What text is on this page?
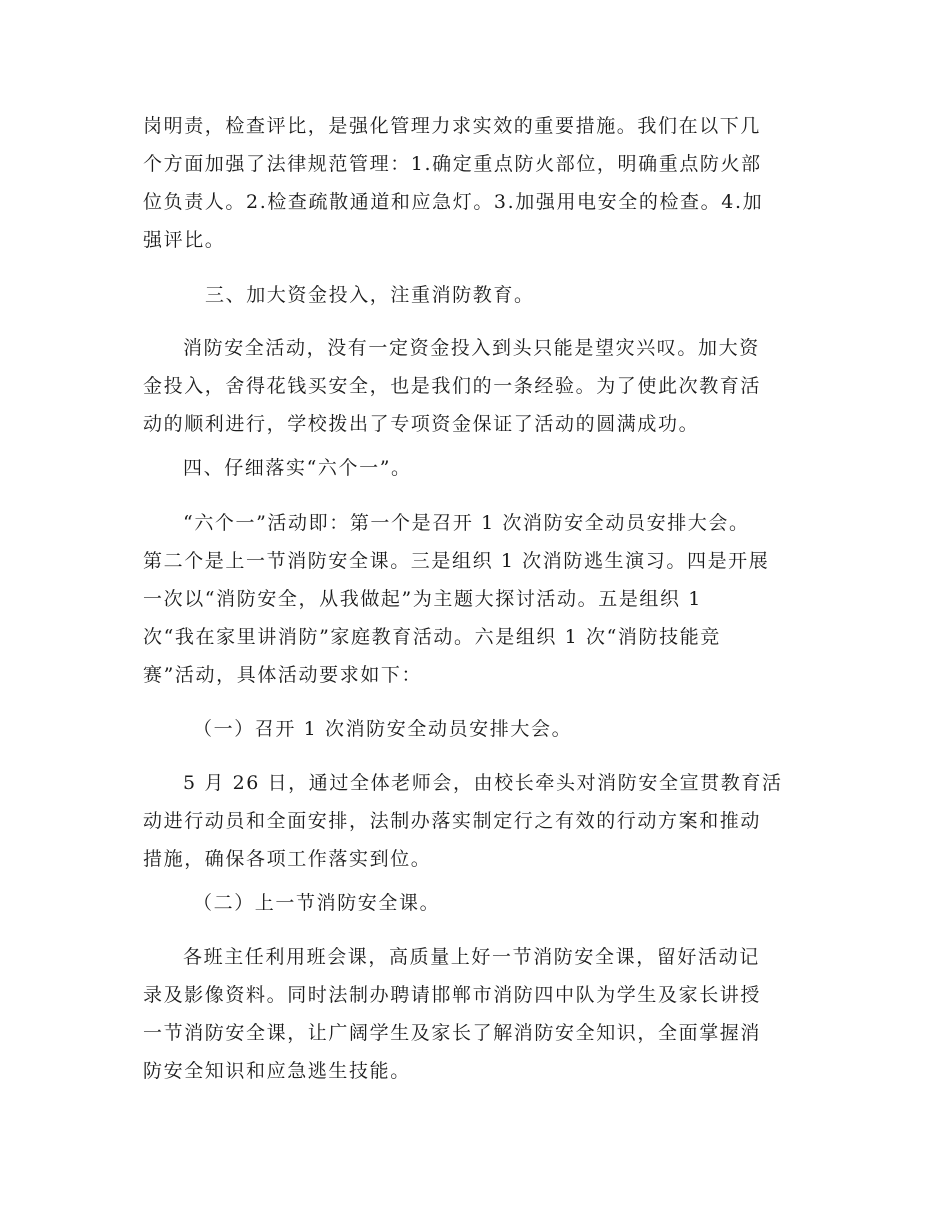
岗明责，检查评比，是强化管理力求实效的重要措施。我们在以下几
个方面加强了法律规范管理：1.确定重点防火部位，明确重点防火部
位负责人。2.检查疏散通道和应急灯。3.加强用电安全的检查。4.加
强评比。
三、加大资金投入，注重消防教育。
消防安全活动，没有一定资金投入到头只能是望灾兴叹。加大资
金投入，舍得花钱买安全，也是我们的一条经验。为了使此次教育活
动的顺利进行，学校拨出了专项资金保证了活动的圆满成功。
四、仔细落实“六个一”。
“六个一”活动即：第一个是召开 1 次消防安全动员安排大会。
第二个是上一节消防安全课。三是组织 1 次消防逃生演习。四是开展
一次以“消防安全，从我做起”为主题大探讨活动。五是组织 1
次“我在家里讲消防”家庭教育活动。六是组织 1 次“消防技能竞
赛”活动，具体活动要求如下：
（一）召开 1 次消防安全动员安排大会。
5 月 26 日，通过全体老师会，由校长牵头对消防安全宣贯教育活
动进行动员和全面安排，法制办落实制定行之有效的行动方案和推动
措施，确保各项工作落实到位。
（二）上一节消防安全课。
各班主任利用班会课，高质量上好一节消防安全课，留好活动记
录及影像资料。同时法制办聘请邯郸市消防四中队为学生及家长讲授
一节消防安全课，让广阔学生及家长了解消防安全知识，全面掌握消
防安全知识和应急逃生技能。
